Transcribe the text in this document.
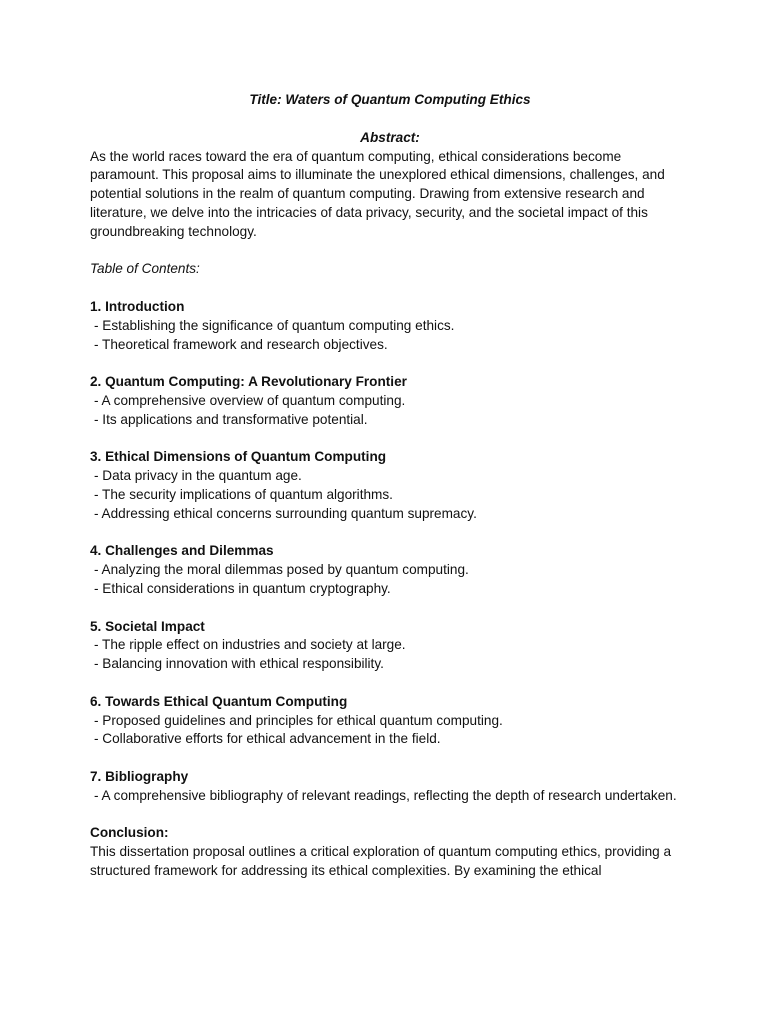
Title: Waters of Quantum Computing Ethics

Abstract:

As the world races toward the era of quantum computing, ethical considerations become paramount. This proposal aims to illuminate the unexplored ethical dimensions, challenges, and potential solutions in the realm of quantum computing. Drawing from extensive research and literature, we delve into the intricacies of data privacy, security, and the societal impact of this groundbreaking technology.

Table of Contents:

1. Introduction

- Establishing the significance of quantum computing ethics.

- Theoretical framework and research objectives.

2. Quantum Computing: A Revolutionary Frontier

- A comprehensive overview of quantum computing.

- Its applications and transformative potential.

3. Ethical Dimensions of Quantum Computing

- Data privacy in the quantum age.

- The security implications of quantum algorithms.

- Addressing ethical concerns surrounding quantum supremacy.

4. Challenges and Dilemmas

- Analyzing the moral dilemmas posed by quantum computing.

- Ethical considerations in quantum cryptography.

5. Societal Impact

- The ripple effect on industries and society at large.

- Balancing innovation with ethical responsibility.

6. Towards Ethical Quantum Computing

- Proposed guidelines and principles for ethical quantum computing.

- Collaborative efforts for ethical advancement in the field.

7. Bibliography

- A comprehensive bibliography of relevant readings, reflecting the depth of research undertaken.

Conclusion:

This dissertation proposal outlines a critical exploration of quantum computing ethics, providing a structured framework for addressing its ethical complexities. By examining the ethical
